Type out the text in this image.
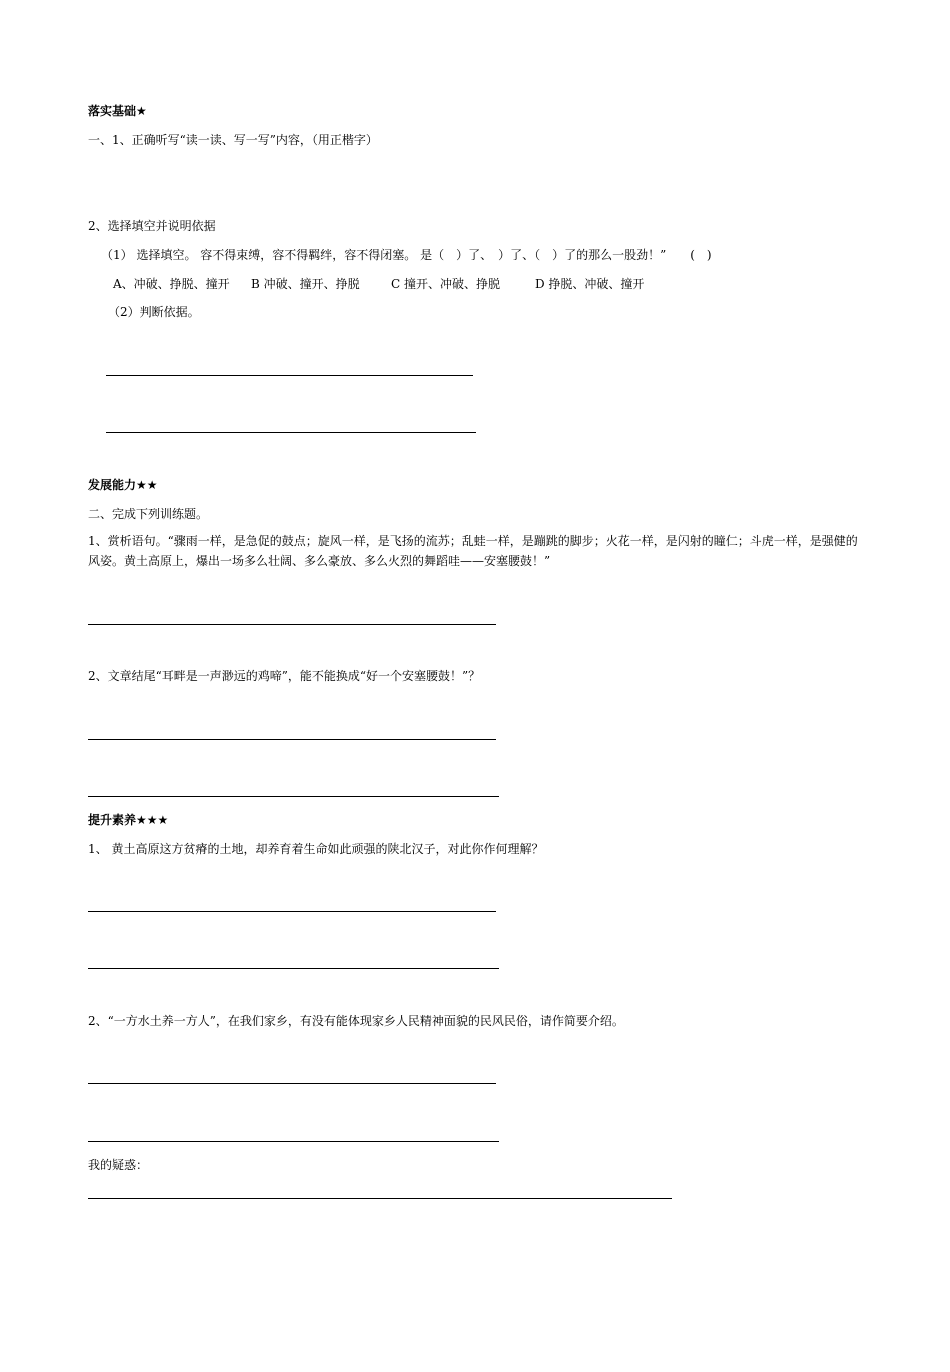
落实基础★
一、1、正确听写“读一读、写一写”内容，（用正楷字）
2、选择填空并说明依据
（1） 选择填空。 容不得束缚，容不得羁绊，容不得闭塞。 是（　）了、　）了、（　）了的那么一股劲！”　　(　)
A、冲破、挣脱、撞开 B 冲破、撞开、挣脱	C 撞开、冲破、挣脱	D 挣脱、冲破、撞开
（2）判断依据。
发展能力★★
二、完成下列训练题。
1、赏析语句。“骤雨一样，是急促的鼓点；旋风一样，是飞扬的流苏；乱蛙一样，是蹦跳的脚步；火花一样，是闪射的瞳仁；斗虎一样，是强健的风姿。黄土高原上，爆出一场多么壮阔、多么豪放、多么火烈的舞蹈哇——安塞腰鼓！”
2、文章结尾“耳畔是一声渺远的鸡啼”，能不能换成“好一个安塞腰鼓！”？
提升素养★★★
1、 黄土高原这方贫瘠的土地，却养育着生命如此顽强的陕北汉子，对此你作何理解？
2、“一方水土养一方人”，在我们家乡，有没有能体现家乡人民精神面貌的民风民俗，请作简要介绍。
我的疑惑：
